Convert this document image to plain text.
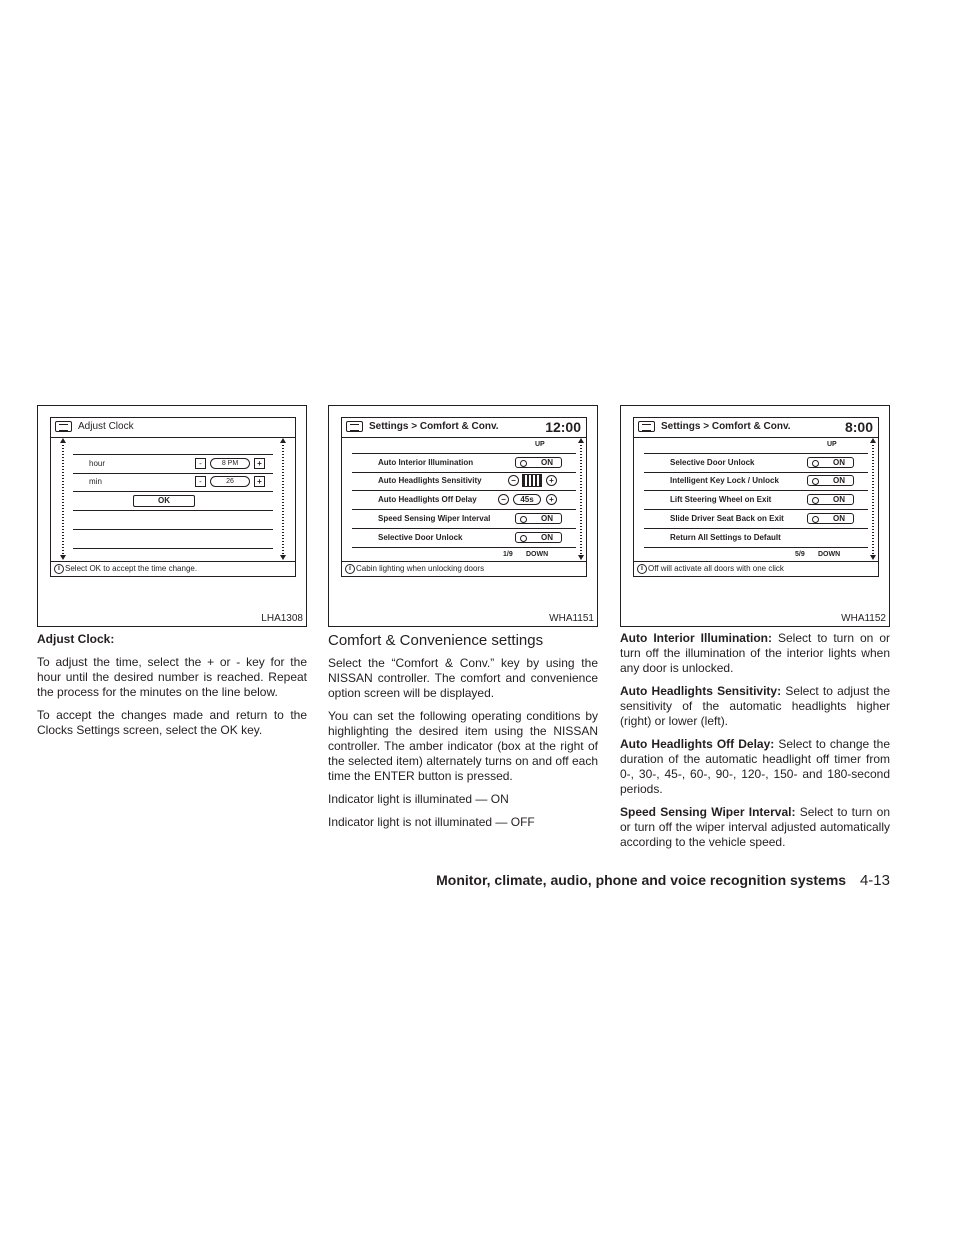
Adjust Clock
hour	-	8 PM	+
min	-	26	+
OK
i Select OK to accept the time change.
LHA1308
Settings > Comfort & Conv.	12:00
UP
Auto Interior Illumination	ON
Auto Headlights Sensitivity	−	+
Auto Headlights Off Delay	−	45s	+
Speed Sensing Wiper Interval	ON
Selective Door Unlock	ON
1/9 DOWN
i Cabin lighting when unlocking doors
WHA1151
Settings > Comfort & Conv.	8:00
UP
Selective Door Unlock	ON
Intelligent Key Lock / Unlock	ON
Lift Steering Wheel on Exit	ON
Slide Driver Seat Back on Exit	ON
Return All Settings to Default
5/9 DOWN
i Off will activate all doors with one click
WHA1152

Adjust Clock:

To adjust the time, select the + or - key for the hour until the desired number is reached. Repeat the process for the minutes on the line below.

To accept the changes made and return to the Clocks Settings screen, select the OK key.

Comfort & Convenience settings

Select the “Comfort & Conv.” key by using the NISSAN controller. The comfort and convenience option screen will be displayed.

You can set the following operating conditions by highlighting the desired item using the NISSAN controller. The amber indicator (box at the right of the selected item) alternately turns on and off each time the ENTER button is pressed.

Indicator light is illuminated — ON

Indicator light is not illuminated — OFF

Auto Interior Illumination: Select to turn on or turn off the illumination of the interior lights when any door is unlocked.

Auto Headlights Sensitivity: Select to adjust the sensitivity of the automatic headlights higher (right) or lower (left).

Auto Headlights Off Delay: Select to change the duration of the automatic headlight off timer from 0-, 30-, 45-, 60-, 90-, 120-, 150- and 180-second periods.

Speed Sensing Wiper Interval: Select to turn on or turn off the wiper interval adjusted automatically according to the vehicle speed.

Monitor, climate, audio, phone and voice recognition systems 4-13
